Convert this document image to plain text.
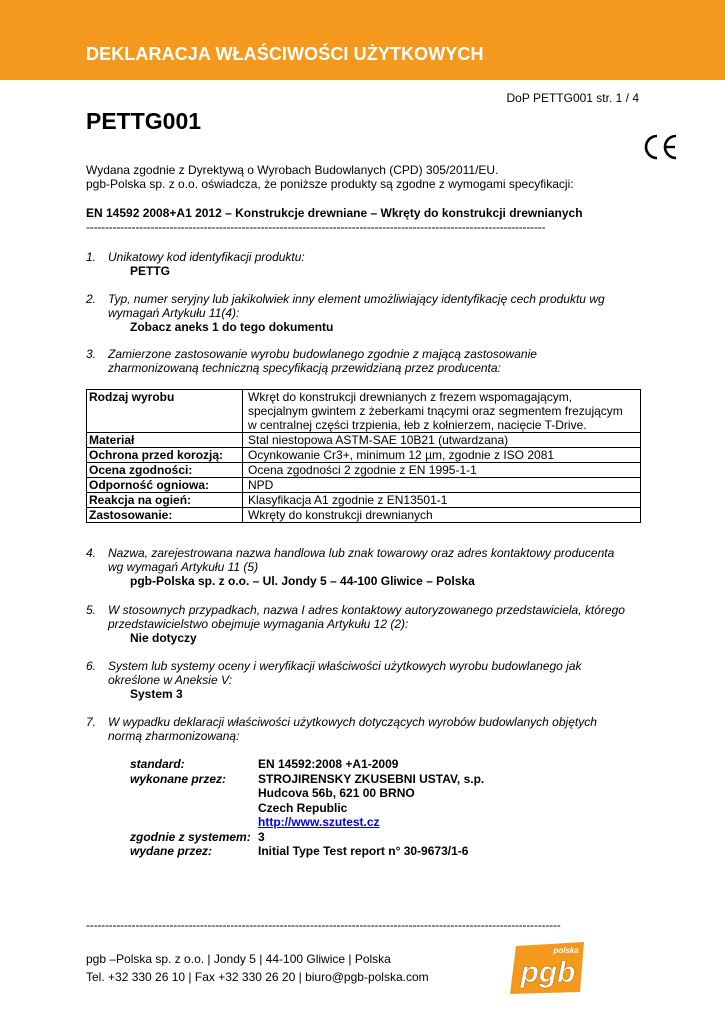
DEKLARACJA WŁAŚCIWOŚCI UŻYTKOWYCH
DoP PETTG001 str. 1 / 4
PETTG001
Wydana zgodnie z Dyrektywą o Wyrobach Budowlanych (CPD) 305/2011/EU.
pgb-Polska sp. z o.o. oświadcza, że poniższe produkty są zgodne z wymogami specyfikacji:
EN 14592 2008+A1 2012 – Konstrukcje drewniane – Wkręty do konstrukcji drewnianych
-------------------------------------------------------------------------------------------------------------------------
1. Unikatowy kod identyfikacji produktu:
PETTG
2. Typ, numer seryjny lub jakikolwiek inny element umożliwiający identyfikację cech produktu wg
wymagań Artykułu 11(4):
Zobacz aneks 1 do tego dokumentu
3. Zamierzone zastosowanie wyrobu budowlanego zgodnie z mającą zastosowanie
zharmonizowaną techniczną specyfikacją przewidzianą przez producenta:
Rodzaj wyrobu	Wkręt do konstrukcji drewnianych z frezem wspomagającym,
specjalnym gwintem z żeberkami tnącymi oraz segmentem frezującym
w centralnej części trzpienia, łeb z kołnierzem, nacięcie T-Drive.

Materiał	Stal niestopowa ASTM-SAE 10B21 (utwardzana)
Ochrona przed korozją:	Ocynkowanie Cr3+, minimum 12 µm, zgodnie z ISO 2081
Ocena zgodności:	Ocena zgodności 2 zgodnie z EN 1995-1-1
Odporność ogniowa:	NPD
Reakcja na ogień:	Klasyfikacja A1 zgodnie z EN13501-1
Zastosowanie:	Wkręty do konstrukcji drewnianych
4. Nazwa, zarejestrowana nazwa handlowa lub znak towarowy oraz adres kontaktowy producenta
wg wymagań Artykułu 11 (5)
pgb-Polska sp. z o.o. – Ul. Jondy 5 – 44-100 Gliwice – Polska
5. W stosownych przypadkach, nazwa I adres kontaktowy autoryzowanego przedstawiciela, którego
przedstawicielstwo obejmuje wymagania Artykułu 12 (2):
Nie dotyczy
6. System lub systemy oceny i weryfikacji właściwości użytkowych wyrobu budowlanego jak
określone w Aneksie V:
System 3
7. W wypadku deklaracji właściwości użytkowych dotyczących wyrobów budowlanych objętych
normą zharmonizowaną:
standard:	EN 14592:2008 +A1-2009
wykonane przez:	STROJIRENSKY ZKUSEBNI USTAV, s.p.
Hudcova 56b, 621 00 BRNO
Czech Republic
http://www.szutest.cz
zgodnie z systemem: 3
wydane przez:	Initial Type Test report n° 30-9673/1-6
-----------------------------------------------------------------------------------------------------------------------------
pgb –Polska sp. z o.o. | Jondy 5 | 44-100 Gliwice | Polska
Tel. +32 330 26 10 | Fax +32 330 26 20 | biuro@pgb-polska.com	pgb
polska
